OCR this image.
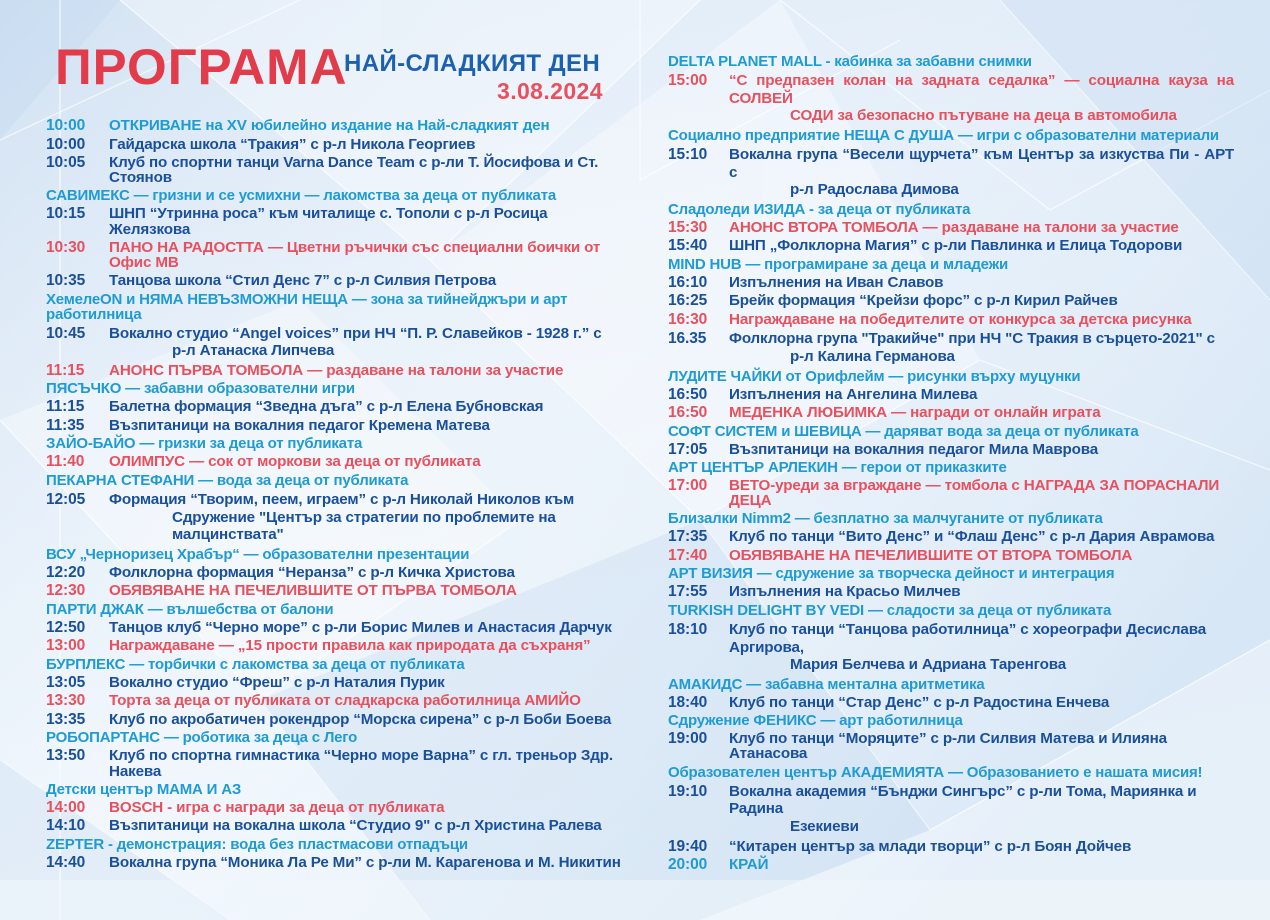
ПРОГРАМА
НАЙ-СЛАДКИЯТ ДЕН
3.08.2024
10:00	ОТКРИВАНЕ на XV юбилейно издание на Най-сладкият ден
10:00	Гайдарска школа “Тракия” с р-л Никола Георгиев
10:05	Клуб по спортни танци Varna Dance Team с р-ли Т. Йосифова и Ст. Стоянов
САВИМЕКС — гризни и се усмихни — лакомства за деца от публиката
10:15	ШНП “Утринна роса” към читалище с. Тополи с р-л Росица Желязкова
10:30	ПАНО НА РАДОСТТА — Цветни ръчички със специални боички от Офис МВ
10:35	Танцова школа “Стил Денс 7” с р-л Силвия Петрова
ХемелеON и НЯМА НЕВЪЗМОЖНИ НЕЩА — зона за тийнейджъри и арт работилница
10:45	Вокално студио “Angel voices” при НЧ “П. Р. Славейков - 1928 г.” с
р-л Атанаска Липчева
11:15	АНОНС ПЪРВА ТОМБОЛА — раздаване на талони за участие
ПЯСЪЧКО — забавни образователни игри
11:15	Балетна формация “Зведна дъга” с р-л Елена Бубновская
11:35	Възпитаници на вокалния педагог Кремена Матева
ЗАЙО-БАЙО — гризки за деца от публиката
11:40	ОЛИМПУС — сок от моркови за деца от публиката
ПЕКАРНА СТЕФАНИ — вода за деца от публиката
12:05	Формация “Творим, пеем, играем” с р-л Николай Николов към
Сдружение "Център за стратегии по проблемите на малцинствата"
ВСУ „Черноризец Храбър“ — образователни презентации
12:20	Фолклорна формация “Неранза” с р-л Кичка Христова
12:30	ОБЯВЯВАНЕ НА ПЕЧЕЛИВШИТЕ ОТ ПЪРВА ТОМБОЛА
ПАРТИ ДЖАК — вълшебства от балони
12:50	Танцов клуб “Черно море” с р-ли Борис Милев и Анастасия Дарчук
13:00	Награждаване — „15 прости правила как природата да съхраня”
БУРПЛЕКС — торбички с лакомства за деца от публиката
13:05	Вокално студио “Фреш” с р-л Наталия Пурик
13:30	Торта за деца от публиката от сладкарска работилница АМИЙО
13:35	Клуб по акробатичен рокендрор “Морска сирена” с р-л Боби Боева
РОБОПАРТАНС — роботика за деца с Лего
13:50	Клуб по спортна гимнастика “Черно море Варна” с гл. треньор Здр. Накева
Детски център МАМА И АЗ
14:00	BOSCH - игра с награди за деца от публиката
14:10	Възпитаници на вокална школа “Студио 9" с р-л Христина Ралева
ZEPTER - демонстрация: вода без пластмасови отпадъци
14:40	Вокална група “Моника Ла Ре Ми” с р-ли М. Карагенова и М. Никитин
DELTA PLANET MALL - кабинка за забавни снимки
15:00	“С предпазен колан на задната седалка” — социална кауза на СОЛВЕЙ
СОДИ за безопасно пътуване на деца в автомобила
Социално предприятие НЕЩА С ДУША — игри с образователни материали
15:10	Вокална група “Весели щурчета” към Център за изкуства Пи - АРТ с
р-л Радослава Димова
Сладоледи ИЗИДА - за деца от публиката
15:30	АНОНС ВТОРА ТОМБОЛА — раздаване на талони за участие
15:40	ШНП „Фолклорна Магия” с р-ли Павлинка и Елица Тодорови
MIND HUB — програмиране за деца и младежи
16:10	Изпълнения на Иван Славов
16:25	Брейк формация “Крейзи форс” с р-л Кирил Райчев
16:30	Награждаване на победителите от конкурса за детска рисунка
16.35	Фолклорна група "Тракийче" при НЧ "С Тракия в сърцето-2021" с
р-л Калина Германова
ЛУДИТЕ ЧАЙКИ от Орифлейм — рисунки върху муцунки
16:50	Изпълнения на Ангелина Милева
16:50	МЕДЕНКА ЛЮБИМКА — награди от онлайн играта
СОФТ СИСТЕМ и ШЕВИЦА — даряват вода за деца от публиката
17:05	Възпитаници на вокалния педагог Мила Маврова
АРТ ЦЕНТЪР АРЛЕКИН — герои от приказките
17:00	ВЕТО-уреди за вграждане — томбола с НАГРАДА ЗА ПОРАСНАЛИ ДЕЦА
Близалки Nimm2 — безплатно за малчуганите от публиката
17:35	Клуб по танци “Вито Денс” и “Флаш Денс” с р-л Дария Аврамова
17:40	ОБЯВЯВАНЕ НА ПЕЧЕЛИВШИТЕ ОТ ВТОРА ТОМБОЛА
АРТ ВИЗИЯ — сдружение за творческа дейност и интеграция
17:55	Изпълнения на Красьо Милчев
TURKISH DELIGHT BY VEDI — сладости за деца от публиката
18:10	Клуб по танци “Танцова работилница” с хореографи Десислава Аргирова,
Мария Белчева и Адриана Таренгова
АМАКИДС — забавна ментална аритметика
18:40	Клуб по танци “Стар Денс” с р-л Радостина Енчева
Сдружение ФЕНИКС — арт работилница
19:00	Клуб по танци “Моряците” с р-ли Силвия Матева и Илияна Атанасова
Образователен център АКАДЕМИЯТА — Образованието е нашата мисия!
19:10	Вокална академия “Бънджи Сингърс” с р-ли Тома, Мариянка и Радина
Езекиеви
19:40	“Китарен център за млади творци” с р-л Боян Дойчев
20:00	КРАЙ
